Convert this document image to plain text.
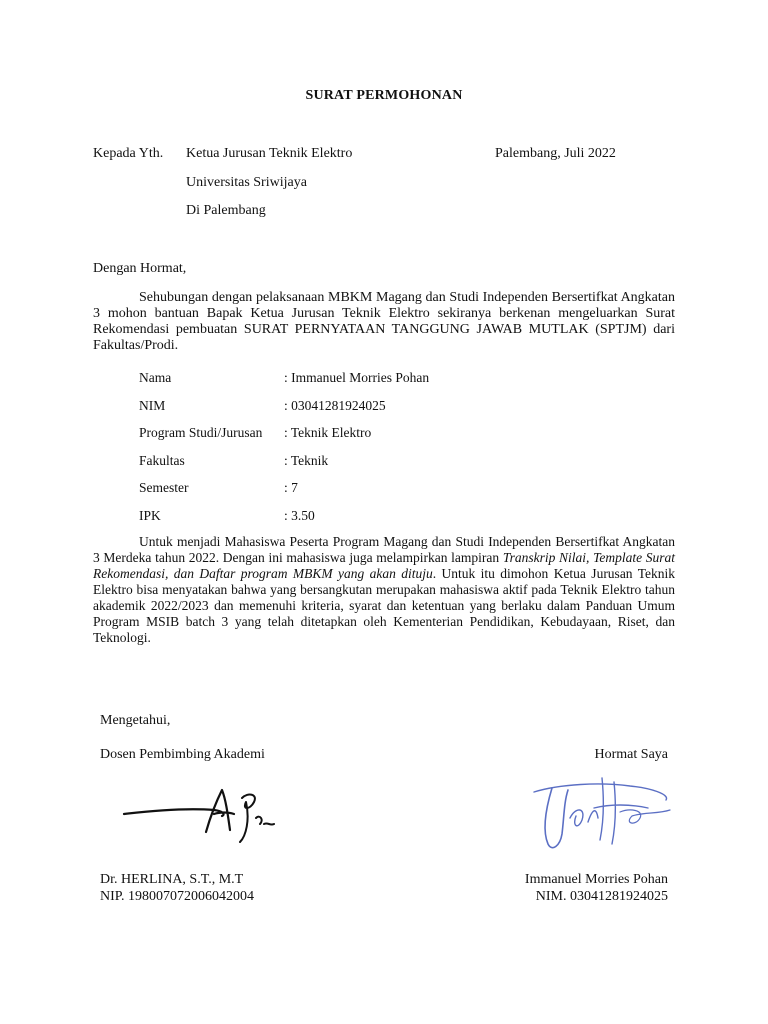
SURAT PERMOHONAN
Kepada Yth. Ketua Jurusan Teknik Elektro
Universitas Sriwijaya
Di Palembang
Palembang, Juli 2022
Dengan Hormat,
Sehubungan dengan pelaksanaan MBKM Magang dan Studi Independen Bersertifkat Angkatan 3 mohon bantuan Bapak Ketua Jurusan Teknik Elektro sekiranya berkenan mengeluarkan Surat Rekomendasi pembuatan SURAT PERNYATAAN TANGGUNG JAWAB MUTLAK (SPTJM) dari Fakultas/Prodi.
Nama	: Immanuel Morries Pohan
NIM	: 03041281924025
Program Studi/Jurusan : Teknik Elektro
Fakultas	: Teknik
Semester	: 7
IPK	: 3.50
Untuk menjadi Mahasiswa Peserta Program Magang dan Studi Independen Bersertifkat Angkatan 3 Merdeka tahun 2022. Dengan ini mahasiswa juga melampirkan lampiran Transkrip Nilai, Template Surat Rekomendasi, dan Daftar program MBKM yang akan dituju. Untuk itu dimohon Ketua Jurusan Teknik Elektro bisa menyatakan bahwa yang bersangkutan merupakan mahasiswa aktif pada Teknik Elektro tahun akademik 2022/2023 dan memenuhi kriteria, syarat dan ketentuan yang berlaku dalam Panduan Umum Program MSIB batch 3 yang telah ditetapkan oleh Kementerian Pendidikan, Kebudayaan, Riset, dan Teknologi.
Mengetahui,
Dosen Pembimbing Akademi	Hormat Saya
Dr. HERLINA, S.T., M.T
NIP. 198007072006042004
Immanuel Morries Pohan
NIM. 03041281924025
